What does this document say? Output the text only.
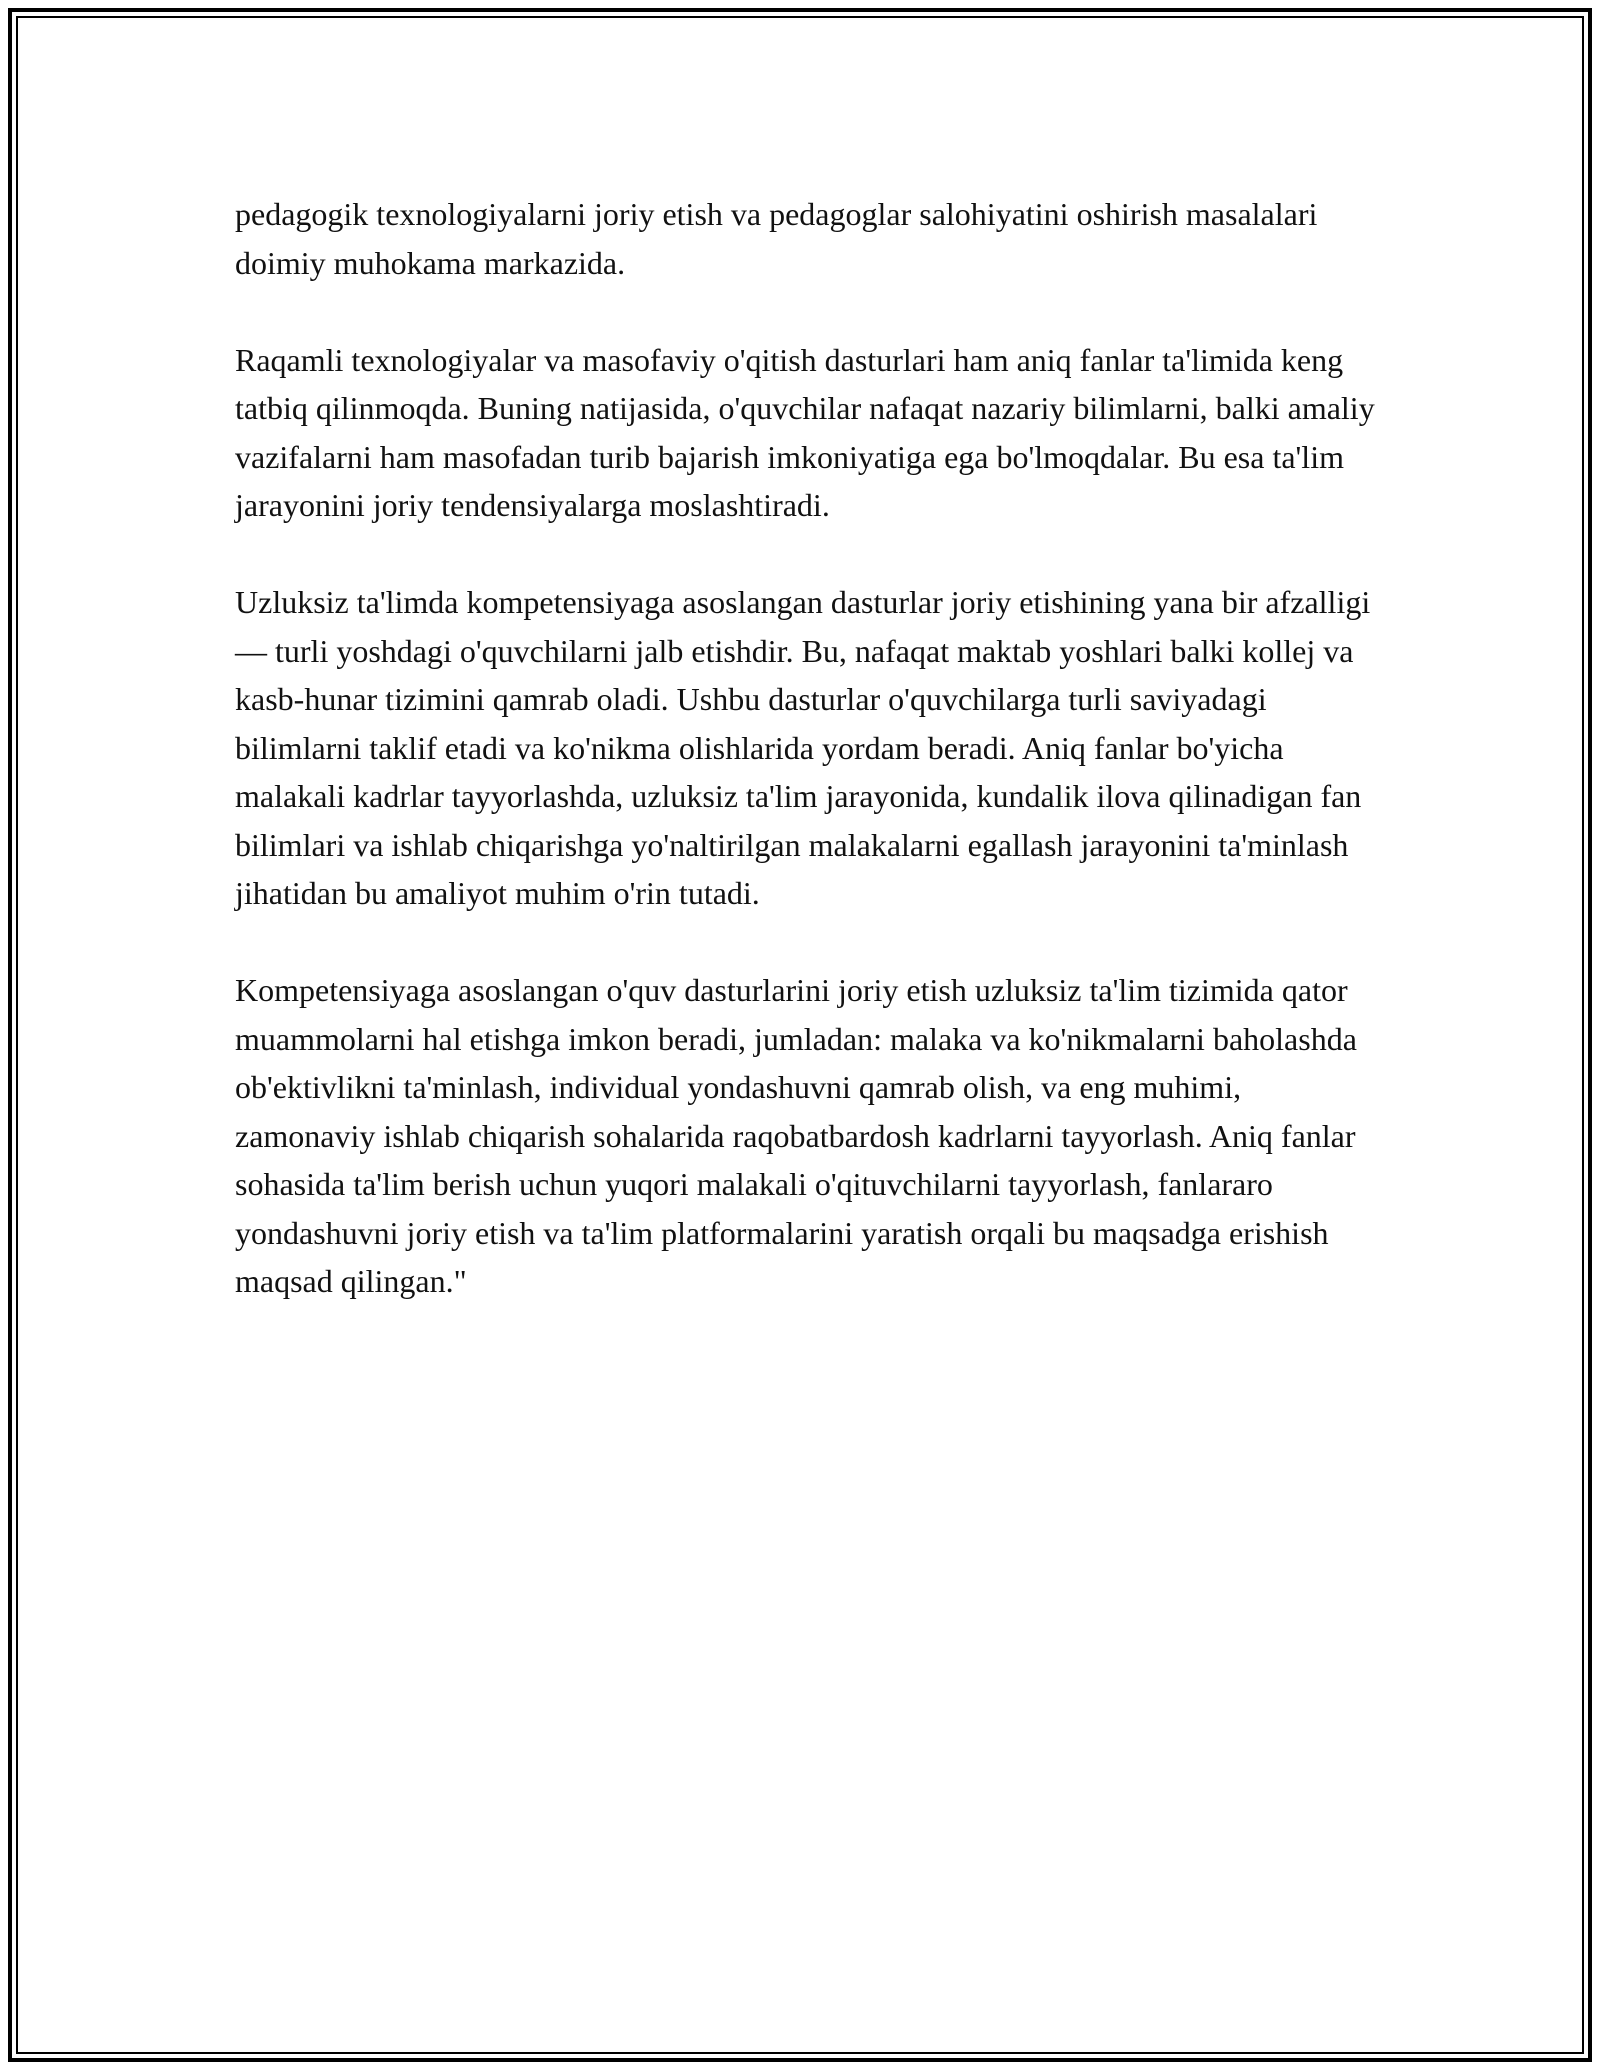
pedagogik texnologiyalarni joriy etish va pedagoglar salohiyatini oshirish masalalari doimiy muhokama markazida.

Raqamli texnologiyalar va masofaviy o'qitish dasturlari ham aniq fanlar ta'limida keng tatbiq qilinmoqda. Buning natijasida, o'quvchilar nafaqat nazariy bilimlarni, balki amaliy vazifalarni ham masofadan turib bajarish imkoniyatiga ega bo'lmoqdalar. Bu esa ta'lim jarayonini joriy tendensiyalarga moslashtiradi.

Uzluksiz ta'limda kompetensiyaga asoslangan dasturlar joriy etishining yana bir afzalligi — turli yoshdagi o'quvchilarni jalb etishdir. Bu, nafaqat maktab yoshlari balki kollej va kasb-hunar tizimini qamrab oladi. Ushbu dasturlar o'quvchilarga turli saviyadagi bilimlarni taklif etadi va ko'nikma olishlarida yordam beradi. Aniq fanlar bo'yicha malakali kadrlar tayyorlashda, uzluksiz ta'lim jarayonida, kundalik ilova qilinadigan fan bilimlari va ishlab chiqarishga yo'naltirilgan malakalarni egallash jarayonini ta'minlash jihatidan bu amaliyot muhim o'rin tutadi.

Kompetensiyaga asoslangan o'quv dasturlarini joriy etish uzluksiz ta'lim tizimida qator muammolarni hal etishga imkon beradi, jumladan: malaka va ko'nikmalarni baholashda ob'ektivlikni ta'minlash, individual yondashuvni qamrab olish, va eng muhimi, zamonaviy ishlab chiqarish sohalarida raqobatbardosh kadrlarni tayyorlash. Aniq fanlar sohasida ta'lim berish uchun yuqori malakali o'qituvchilarni tayyorlash, fanlararo yondashuvni joriy etish va ta'lim platformalarini yaratish orqali bu maqsadga erishish maqsad qilingan."
